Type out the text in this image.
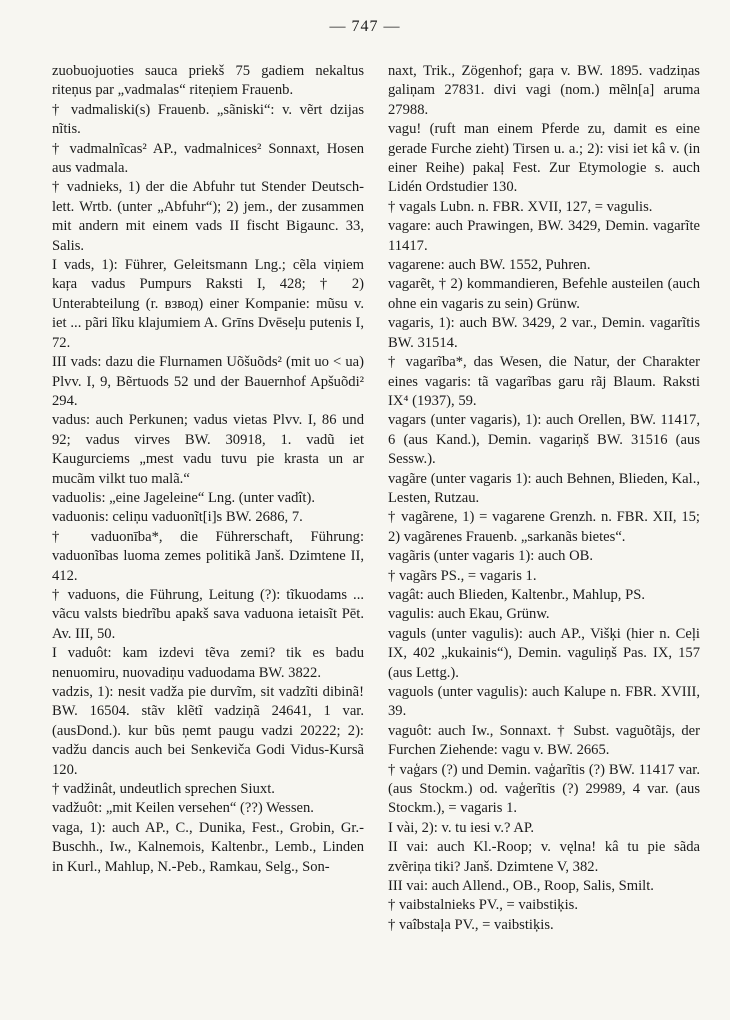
— 747 —

zuobuojuoties sauca priekš 75 gadiem nekaltus riteņus par „vadmalas“ riteņiem Frauenb.

† vadmaliski(s) Frauenb. „sãniski“: v. vẽrt dzijas nĩtis.

† vadmalnĩcas² AP., vadmalnices² Sonnaxt, Hosen aus vadmala.

† vadnieks, 1) der die Abfuhr tut Stender Deutsch-lett. Wrtb. (unter „Abfuhr“); 2) jem., der zusammen mit andern mit einem vads II fischt Bigaunc. 33, Salis.

I vads, 1): Führer, Geleitsmann Lng.; cẽla viņiem kaŗa vadus Pumpurs Raksti I, 428; † 2) Unterabteilung (r. взвод) einer Kompanie: mũsu v. iet ... pãri lĩku klajumiem A. Grīns Dvēseļu putenis I, 72.

III vads: dazu die Flurnamen Uõšuõds² (mit uo < ua) Plvv. I, 9, Bẽrtuods 52 und der Bauernhof Apšuõdi² 294.

vadus: auch Perkunen; vadus vietas Plvv. I, 86 und 92; vadus virves BW. 30918, 1. vadũ iet Kaugurciems „mest vadu tuvu pie krasta un ar mucãm vilkt tuo malã.“

vaduolis: „eine Jageleine“ Lng. (unter vadît).

vaduonis: celiņu vaduonĩt[i]s BW. 2686, 7.

† vaduonība*, die Führerschaft, Führung: vaduonĩbas luoma zemes politikã Janš. Dzimtene II, 412.

† vaduons, die Führung, Leitung (?): tĩkuodams ... vãcu valsts biedrĩbu apakš sava vaduona ietaisĩt Pēt. Av. III, 50.

I vaduôt: kam izdevi tẽva zemi? tik es badu nenuomiru, nuovadiņu vaduodama BW. 3822.

vadzis, 1): nesit vadža pie durvĩm, sit vadzĩti dibinã! BW. 16504. stãv klẽtĩ vadziņã 24641, 1 var. (ausDond.). kur bũs ņemt paugu vadzi 20222; 2): vadžu dancis auch bei Senkeviča Godi Vidus-Kursã 120.

† vadžinât, undeutlich sprechen Siuxt.

vadžuôt: „mit Keilen versehen“ (??) Wessen.

vaga, 1): auch AP., C., Dunika, Fest., Grobin, Gr.-Buschh., Iw., Kalnemois, Kaltenbr., Lemb., Linden in Kurl., Mahlup, N.-Peb., Ramkau, Selg., Son-

naxt, Trik., Zögenhof; gaŗa v. BW. 1895. vadziņas galiņam 27831. divi vagi (nom.) mẽln[a] aruma 27988.

vagu! (ruft man einem Pferde zu, damit es eine gerade Furche zieht) Tirsen u. a.; 2): visi iet kâ v. (in einer Reihe) pakaļ Fest. Zur Etymologie s. auch Lidén Ordstudier 130.

† vagals Lubn. n. FBR. XVII, 127, = vagulis.

vagare: auch Prawingen, BW. 3429, Demin. vagarĩte 11417.

vagarene: auch BW. 1552, Puhren.

vagarẽt, † 2) kommandieren, Befehle austeilen (auch ohne ein vagaris zu sein) Grünw.

vagaris, 1): auch BW. 3429, 2 var., Demin. vagarĩtis BW. 31514.

† vagarĩba*, das Wesen, die Natur, der Charakter eines vagaris: tã vagarĩbas garu rãj Blaum. Raksti IX⁴ (1937), 59.

vagars (unter vagaris), 1): auch Orellen, BW. 11417, 6 (aus Kand.), Demin. vagariņš BW. 31516 (aus Sessw.).

vagãre (unter vagaris 1): auch Behnen, Blieden, Kal., Lesten, Rutzau.

† vagãrene, 1) = vagarene Grenzh. n. FBR. XII, 15; 2) vagãrenes Frauenb. „sarkanãs bietes“.

vagãris (unter vagaris 1): auch OB.

† vagãrs PS., = vagaris 1.

vagât: auch Blieden, Kaltenbr., Mahlup, PS.

vagulis: auch Ekau, Grünw.

vaguls (unter vagulis): auch AP., Višķi (hier n. Ceļi IX, 402 „kukainis“), Demin. vaguliņš Pas. IX, 157 (aus Lettg.).

vaguols (unter vagulis): auch Kalupe n. FBR. XVIII, 39.

vaguôt: auch Iw., Sonnaxt. † Subst. vaguõtãjs, der Furchen Ziehende: vagu v. BW. 2665.

† vaģars (?) und Demin. vaģarĩtis (?) BW. 11417 var. (aus Stockm.) od. vaģerĩtis (?) 29989, 4 var. (aus Stockm.), = vagaris 1.

I vài, 2): v. tu iesi v.? AP.

II vai: auch Kl.-Roop; v. vęlna! kâ tu pie sãda zvẽriņa tiki? Janš. Dzimtene V, 382.

III vai: auch Allend., OB., Roop, Salis, Smilt.

† vaibstalnieks PV., = vaibstiķis.

† vaîbstaļa PV., = vaibstiķis.
